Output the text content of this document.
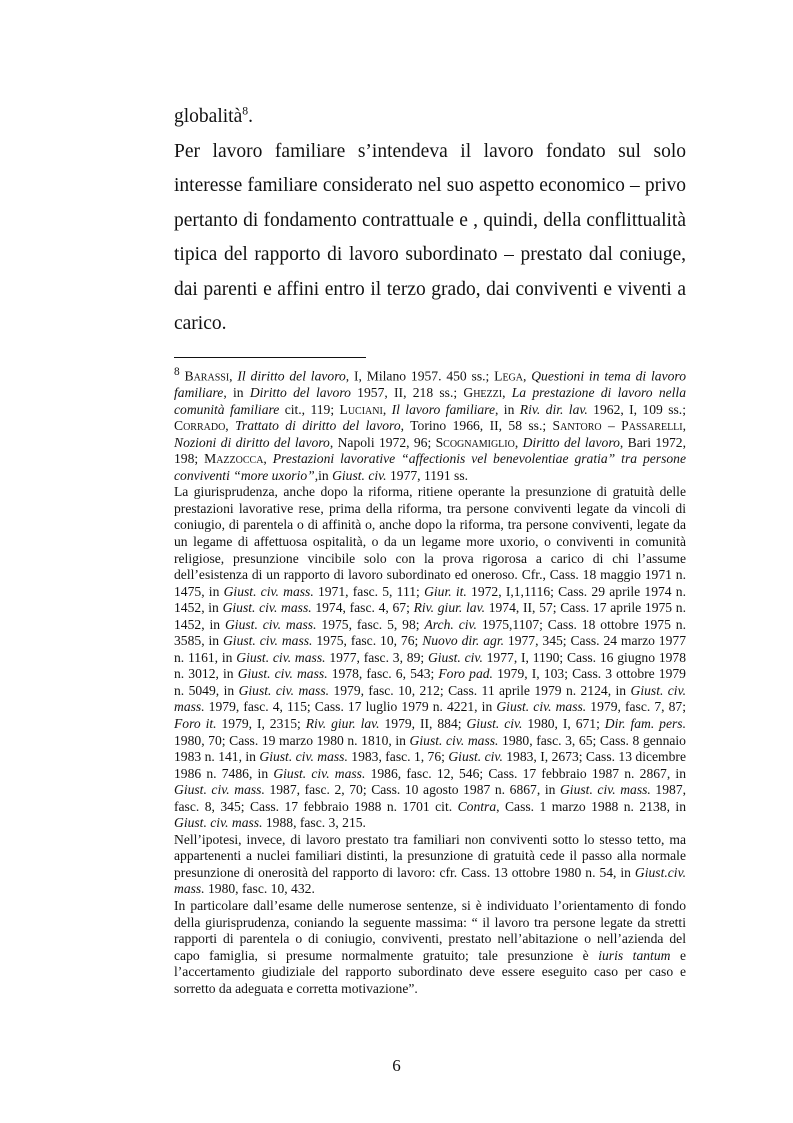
globalità$^8$.

Per lavoro familiare s’intendeva il lavoro fondato sul solo interesse familiare considerato nel suo aspetto economico – privo pertanto di fondamento contrattuale e , quindi, della conflittualità tipica del rapporto di lavoro subordinato – prestato dal coniuge, dai parenti e affini entro il terzo grado, dai conviventi e viventi a carico.

$^8$ Barassi, Il diritto del lavoro, I, Milano 1957. 450 ss.; Lega, Questioni in tema di lavoro familiare, in Diritto del lavoro 1957, II, 218 ss.; Ghezzi, La prestazione di lavoro nella comunità familiare cit., 119; Luciani, Il lavoro familiare, in Riv. dir. lav. 1962, I, 109 ss.; Corrado, Trattato di diritto del lavoro, Torino 1966, II, 58 ss.; Santoro – Passarelli, Nozioni di diritto del lavoro, Napoli 1972, 96; Scognamiglio, Diritto del lavoro, Bari 1972, 198; Mazzocca, Prestazioni lavorative “affectionis vel benevolentiae gratia” tra persone conviventi “more uxorio”,in Giust. civ. 1977, 1191 ss.

La giurisprudenza, anche dopo la riforma, ritiene operante la presunzione di gratuità delle prestazioni lavorative rese, prima della riforma, tra persone conviventi legate da vincoli di coniugio, di parentela o di affinità o, anche dopo la riforma, tra persone conviventi, legate da un legame di affettuosa ospitalità, o da un legame more uxorio, o conviventi in comunità religiose, presunzione vincibile solo con la prova rigorosa a carico di chi l’assume dell’esistenza di un rapporto di lavoro subordinato ed oneroso. Cfr., Cass. 18 maggio 1971 n. 1475, in Giust. civ. mass. 1971, fasc. 5, 111; Giur. it. 1972, I,1,1116; Cass. 29 aprile 1974 n. 1452, in Giust. civ. mass. 1974, fasc. 4, 67; Riv. giur. lav. 1974, II, 57; Cass. 17 aprile 1975 n. 1452, in Giust. civ. mass. 1975, fasc. 5, 98; Arch. civ. 1975,1107; Cass. 18 ottobre 1975 n. 3585, in Giust. civ. mass. 1975, fasc. 10, 76; Nuovo dir. agr. 1977, 345; Cass. 24 marzo 1977 n. 1161, in Giust. civ. mass. 1977, fasc. 3, 89; Giust. civ. 1977, I, 1190; Cass. 16 giugno 1978 n. 3012, in Giust. civ. mass. 1978, fasc. 6, 543; Foro pad. 1979, I, 103; Cass. 3 ottobre 1979 n. 5049, in Giust. civ. mass. 1979, fasc. 10, 212; Cass. 11 aprile 1979 n. 2124, in Giust. civ. mass. 1979, fasc. 4, 115; Cass. 17 luglio 1979 n. 4221, in Giust. civ. mass. 1979, fasc. 7, 87; Foro it. 1979, I, 2315; Riv. giur. lav. 1979, II, 884; Giust. civ. 1980, I, 671; Dir. fam. pers. 1980, 70; Cass. 19 marzo 1980 n. 1810, in Giust. civ. mass. 1980, fasc. 3, 65; Cass. 8 gennaio 1983 n. 141, in Giust. civ. mass. 1983, fasc. 1, 76; Giust. civ. 1983, I, 2673; Cass. 13 dicembre 1986 n. 7486, in Giust. civ. mass. 1986, fasc. 12, 546; Cass. 17 febbraio 1987 n. 2867, in Giust. civ. mass. 1987, fasc. 2, 70; Cass. 10 agosto 1987 n. 6867, in Giust. civ. mass. 1987, fasc. 8, 345; Cass. 17 febbraio 1988 n. 1701 cit. Contra, Cass. 1 marzo 1988 n. 2138, in Giust. civ. mass. 1988, fasc. 3, 215.

Nell’ipotesi, invece, di lavoro prestato tra familiari non conviventi sotto lo stesso tetto, ma appartenenti a nuclei familiari distinti, la presunzione di gratuità cede il passo alla normale presunzione di onerosità del rapporto di lavoro: cfr. Cass. 13 ottobre 1980 n. 54, in Giust.civ. mass. 1980, fasc. 10, 432.

In particolare dall’esame delle numerose sentenze, si è individuato l’orientamento di fondo della giurisprudenza, coniando la seguente massima: “ il lavoro tra persone legate da stretti rapporti di parentela o di coniugio, conviventi, prestato nell’abitazione o nell’azienda del capo famiglia, si presume normalmente gratuito; tale presunzione è iuris tantum e l’accertamento giudiziale del rapporto subordinato deve essere eseguito caso per caso e sorretto da adeguata e corretta motivazione”.

6
